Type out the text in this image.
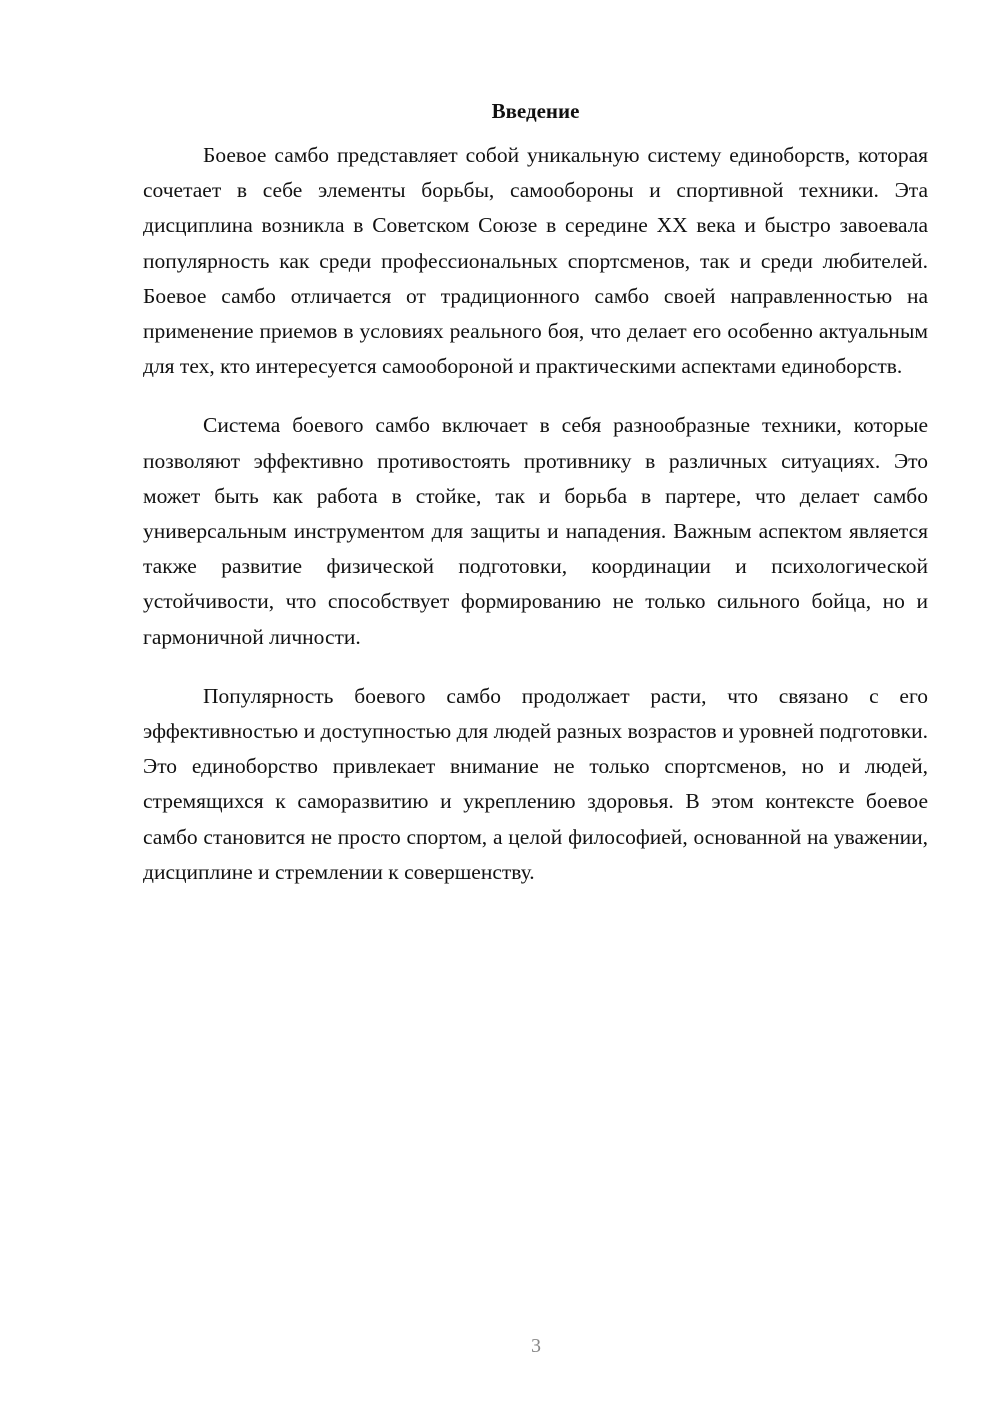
Введение

Боевое самбо представляет собой уникальную систему единоборств, которая сочетает в себе элементы борьбы, самообороны и спортивной техники. Эта дисциплина возникла в Советском Союзе в середине XX века и быстро завоевала популярность как среди профессиональных спортсменов, так и среди любителей. Боевое самбо отличается от традиционного самбо своей направленностью на применение приемов в условиях реального боя, что делает его особенно актуальным для тех, кто интересуется самообороной и практическими аспектами единоборств.

Система боевого самбо включает в себя разнообразные техники, которые позволяют эффективно противостоять противнику в различных ситуациях. Это может быть как работа в стойке, так и борьба в партере, что делает самбо универсальным инструментом для защиты и нападения. Важным аспектом является также развитие физической подготовки, координации и психологической устойчивости, что способствует формированию не только сильного бойца, но и гармоничной личности.

Популярность боевого самбо продолжает расти, что связано с его эффективностью и доступностью для людей разных возрастов и уровней подготовки. Это единоборство привлекает внимание не только спортсменов, но и людей, стремящихся к саморазвитию и укреплению здоровья. В этом контексте боевое самбо становится не просто спортом, а целой философией, основанной на уважении, дисциплине и стремлении к совершенству.

3
